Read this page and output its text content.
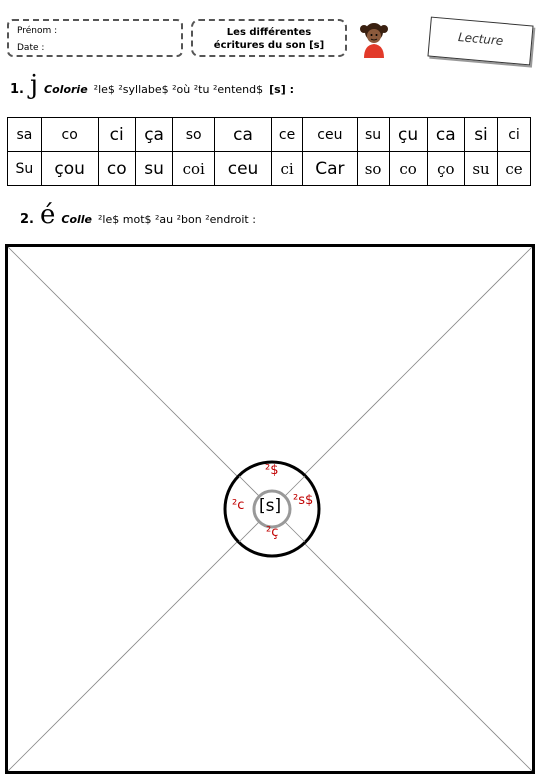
Prénom :
Date :
Les différentes
écritures du son [s]	Lecture
1. j Colorie ²le$ ²syllabe$ ²où ²tu ²entend$ [s] :
sa	co	ci	ça	so	ca	ce	ceu	su	çu	ca	si	ci
Su	çou	co	su	coi	ceu	ci	Car	so	co	ço	su	ce
2. é Colle ²le$ mot$ ²au ²bon ²endroit :
[s]
²$
²s$
²c
²ç
